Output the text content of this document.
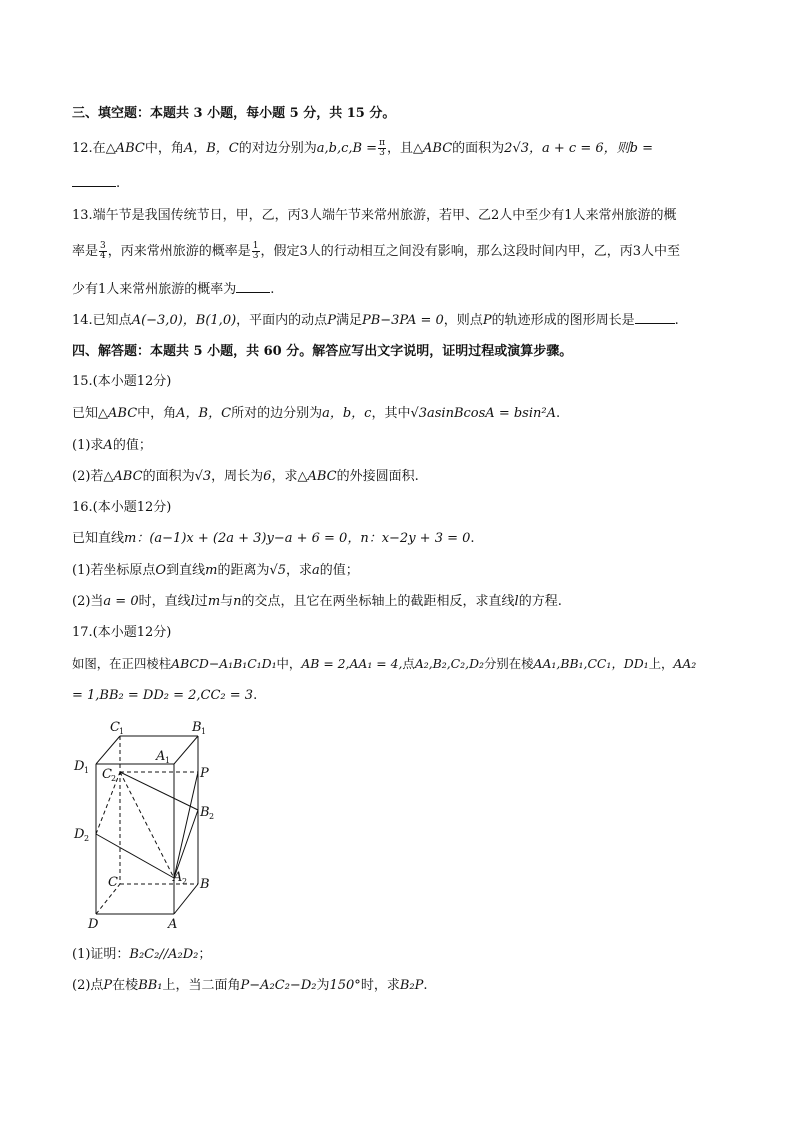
三、填空题：本题共 3 小题，每小题 5 分，共 15 分。
12.在△ABC中，角A，B，C的对边分别为$a,b,c,B = \frac{\pi}{3}$ ，且△ABC的面积为2√3，a + c = 6，则b =
.
13.端午节是我国传统节日，甲，乙，丙3人端午节来常州旅游，若甲、乙2人中至少有1人来常州旅游的概
率是 $\frac{3}{4}$ ，丙来常州旅游的概率是 $\frac{1}{3}$ ，假定3人的行动相互之间没有影响，那么这段时间内甲，乙，丙3人中至
少有1人来常州旅游的概率为	.
14.已知点A(−3,0)，B(1,0)，平面内的动点P满足PB−3PA = 0，则点P的轨迹形成的图形周长是	.
四、解答题：本题共 5 小题，共 60 分。解答应写出文字说明，证明过程或演算步骤。
15.(本小题12分)
已知△ABC中，角A，B，C所对的边分别为a，b，c，其中√3asinBcosA = bsin²A.
(1)求A的值；
(2)若△ABC的面积为√3，周长为6，求△ABC的外接圆面积.
16.(本小题12分)
已知直线m：(a−1)x + (2a + 3)y−a + 6 = 0，n：x−2y + 3 = 0.
(1)若坐标原点O到直线m的距离为√5，求a的值；
(2)当a = 0时，直线l过m与n的交点，且它在两坐标轴上的截距相反，求直线l的方程.
17.(本小题12分)
如图，在正四棱柱ABCD−A₁B₁C₁D₁中，AB = 2,AA₁ = 4,点A₂,B₂,C₂,D₂分别在棱AA₁,BB₁,CC₁，DD₁上，AA₂
= 1,BB₂ = DD₂ = 2,CC₂ = 3.
C 1	B 1
A 1
D 1 C 2	P
B 2
D 2
A 2
C	B
D	A
(1)证明：B₂C₂//A₂D₂；
(2)点P在棱BB₁上，当二面角P−A₂C₂−D₂为150°时，求B₂P.
